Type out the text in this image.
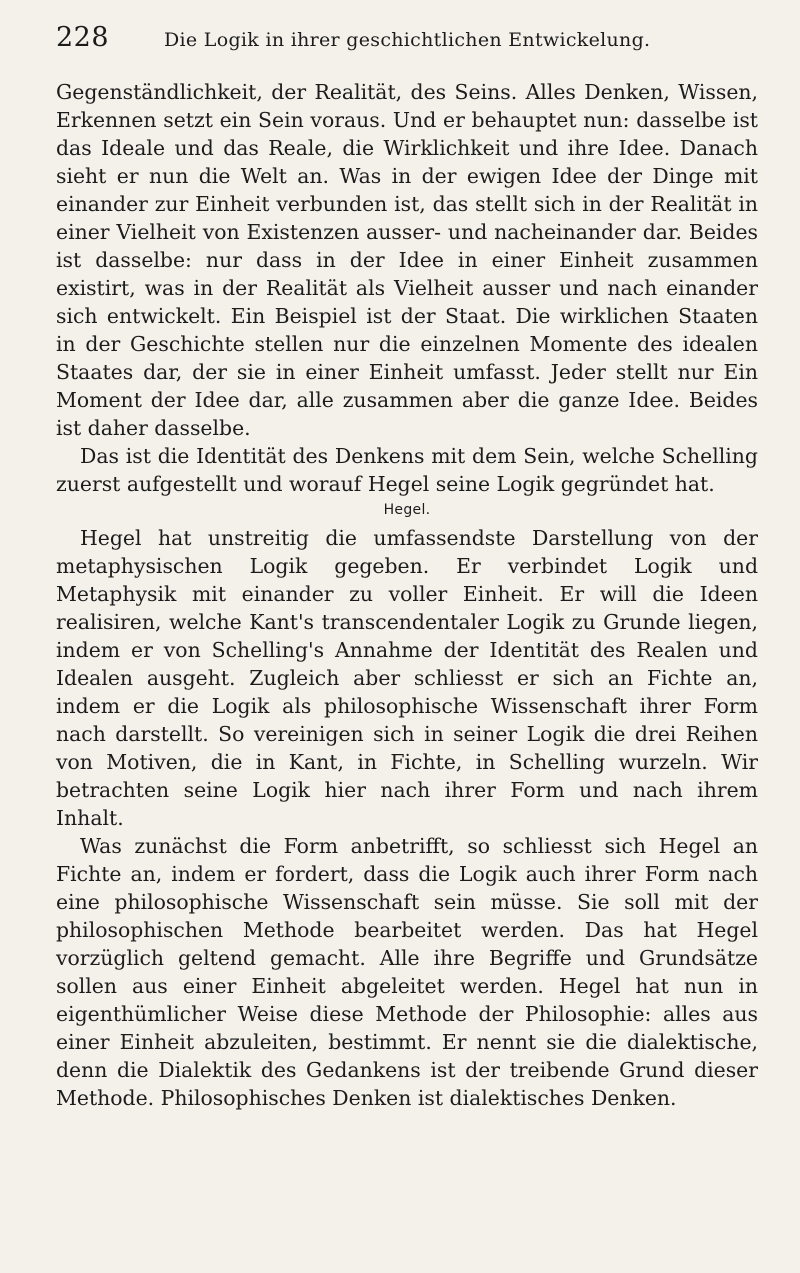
228	Die Logik in ihrer geschichtlichen Entwickelung.

Gegenständlichkeit, der Realität, des Seins. Alles Denken, Wissen, Erkennen setzt ein Sein voraus. Und er behauptet nun: dasselbe ist das Ideale und das Reale, die Wirklichkeit und ihre Idee. Danach sieht er nun die Welt an. Was in der ewigen Idee der Dinge mit einander zur Einheit verbunden ist, das stellt sich in der Realität in einer Vielheit von Existenzen ausser- und nacheinander dar. Beides ist dasselbe: nur dass in der Idee in einer Einheit zusammen existirt, was in der Realität als Vielheit ausser und nach einander sich entwickelt. Ein Beispiel ist der Staat. Die wirklichen Staaten in der Geschichte stellen nur die einzelnen Momente des idealen Staates dar, der sie in einer Einheit umfasst. Jeder stellt nur Ein Moment der Idee dar, alle zusammen aber die ganze Idee. Beides ist daher dasselbe.

Das ist die Identität des Denkens mit dem Sein, welche Schelling zuerst aufgestellt und worauf Hegel seine Logik gegründet hat.

Hegel.

Hegel hat unstreitig die umfassendste Darstellung von der metaphysischen Logik gegeben. Er verbindet Logik und Metaphysik mit einander zu voller Einheit. Er will die Ideen realisiren, welche Kant's transcendentaler Logik zu Grunde liegen, indem er von Schelling's Annahme der Identität des Realen und Idealen ausgeht. Zugleich aber schliesst er sich an Fichte an, indem er die Logik als philosophische Wissenschaft ihrer Form nach darstellt. So vereinigen sich in seiner Logik die drei Reihen von Motiven, die in Kant, in Fichte, in Schelling wurzeln. Wir betrachten seine Logik hier nach ihrer Form und nach ihrem Inhalt.

Was zunächst die Form anbetrifft, so schliesst sich Hegel an Fichte an, indem er fordert, dass die Logik auch ihrer Form nach eine philosophische Wissenschaft sein müsse. Sie soll mit der philosophischen Methode bearbeitet werden. Das hat Hegel vorzüglich geltend gemacht. Alle ihre Begriffe und Grundsätze sollen aus einer Einheit abgeleitet werden. Hegel hat nun in eigenthümlicher Weise diese Methode der Philosophie: alles aus einer Einheit abzuleiten, bestimmt. Er nennt sie die dialektische, denn die Dialektik des Gedankens ist der treibende Grund dieser Methode. Philosophisches Denken ist dialektisches Denken.
